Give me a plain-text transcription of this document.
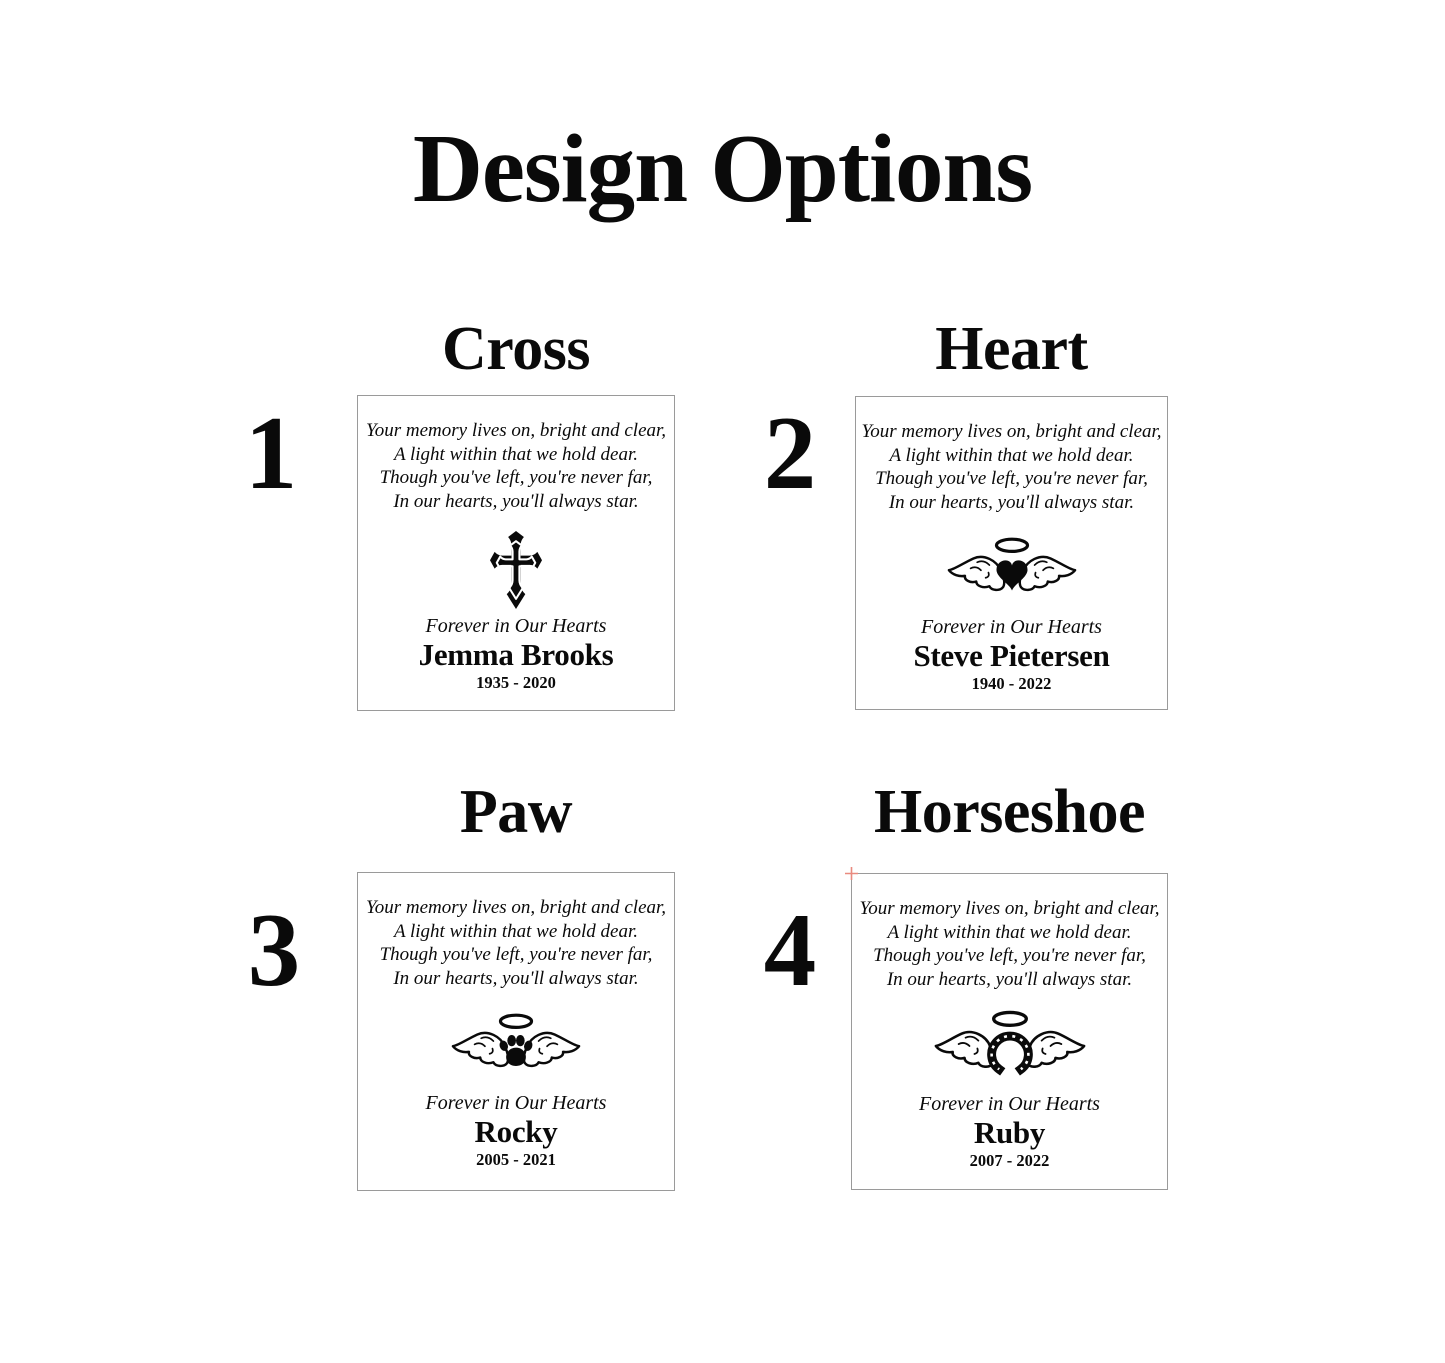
Design Options
Cross
1	Your memory lives on, bright and clear,
A light within that we hold dear.
Though you've left, you're never far,
In our hearts, you'll always star.
Forever in Our Hearts
Jemma Brooks
1935 - 2020
Heart
2	Your memory lives on, bright and clear,
A light within that we hold dear.
Though you've left, you're never far,
In our hearts, you'll always star.
Forever in Our Hearts
Steve Pietersen
1940 - 2022
Paw
3	Your memory lives on, bright and clear,
A light within that we hold dear.
Though you've left, you're never far,
In our hearts, you'll always star.
Forever in Our Hearts
Rocky
2005 - 2021
Horseshoe
4	Your memory lives on, bright and clear,
A light within that we hold dear.
Though you've left, you're never far,
In our hearts, you'll always star.
Forever in Our Hearts
Ruby
2007 - 2022
